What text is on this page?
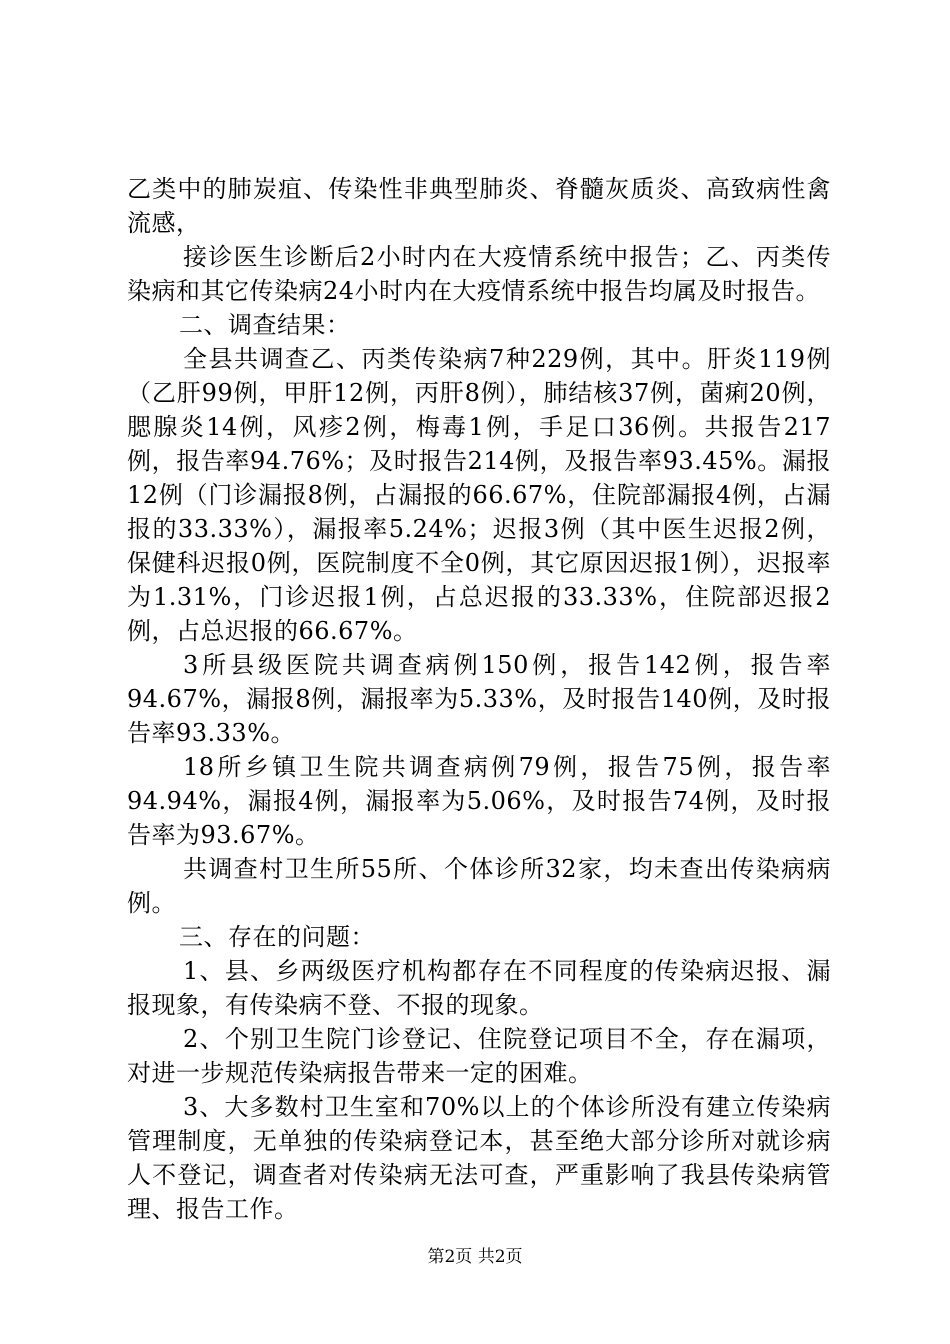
乙类中的肺炭疽、传染性非典型肺炎、脊髓灰质炎、高致病性禽流感，

接诊医生诊断后2小时内在大疫情系统中报告；乙、丙类传染病和其它传染病24小时内在大疫情系统中报告均属及时报告。

二、调查结果：

全县共调查乙、丙类传染病7种229例，其中。肝炎119例（乙肝99例，甲肝12例，丙肝8例），肺结核37例，菌痢20例，腮腺炎14例，风疹2例，梅毒1例，手足口36例。共报告217例，报告率94.76%；及时报告214例，及报告率93.45%。漏报12例（门诊漏报8例，占漏报的66.67%，住院部漏报4例，占漏报的33.33%），漏报率5.24%；迟报3例（其中医生迟报2例，保健科迟报0例，医院制度不全0例，其它原因迟报1例），迟报率为1.31%，门诊迟报1例，占总迟报的33.33%，住院部迟报2例，占总迟报的66.67%。

3所县级医院共调查病例150例，报告142例，报告率94.67%，漏报8例，漏报率为5.33%，及时报告140例，及时报告率93.33%。

18所乡镇卫生院共调查病例79例，报告75例，报告率94.94%，漏报4例，漏报率为5.06%，及时报告74例，及时报告率为93.67%。

共调查村卫生所55所、个体诊所32家，均未查出传染病病例。

三、存在的问题：

1、县、乡两级医疗机构都存在不同程度的传染病迟报、漏报现象，有传染病不登、不报的现象。

2、个别卫生院门诊登记、住院登记项目不全，存在漏项，对进一步规范传染病报告带来一定的困难。

3、大多数村卫生室和70%以上的个体诊所没有建立传染病管理制度，无单独的传染病登记本，甚至绝大部分诊所对就诊病人不登记，调查者对传染病无法可查，严重影响了我县传染病管理、报告工作。

第2页 共2页
